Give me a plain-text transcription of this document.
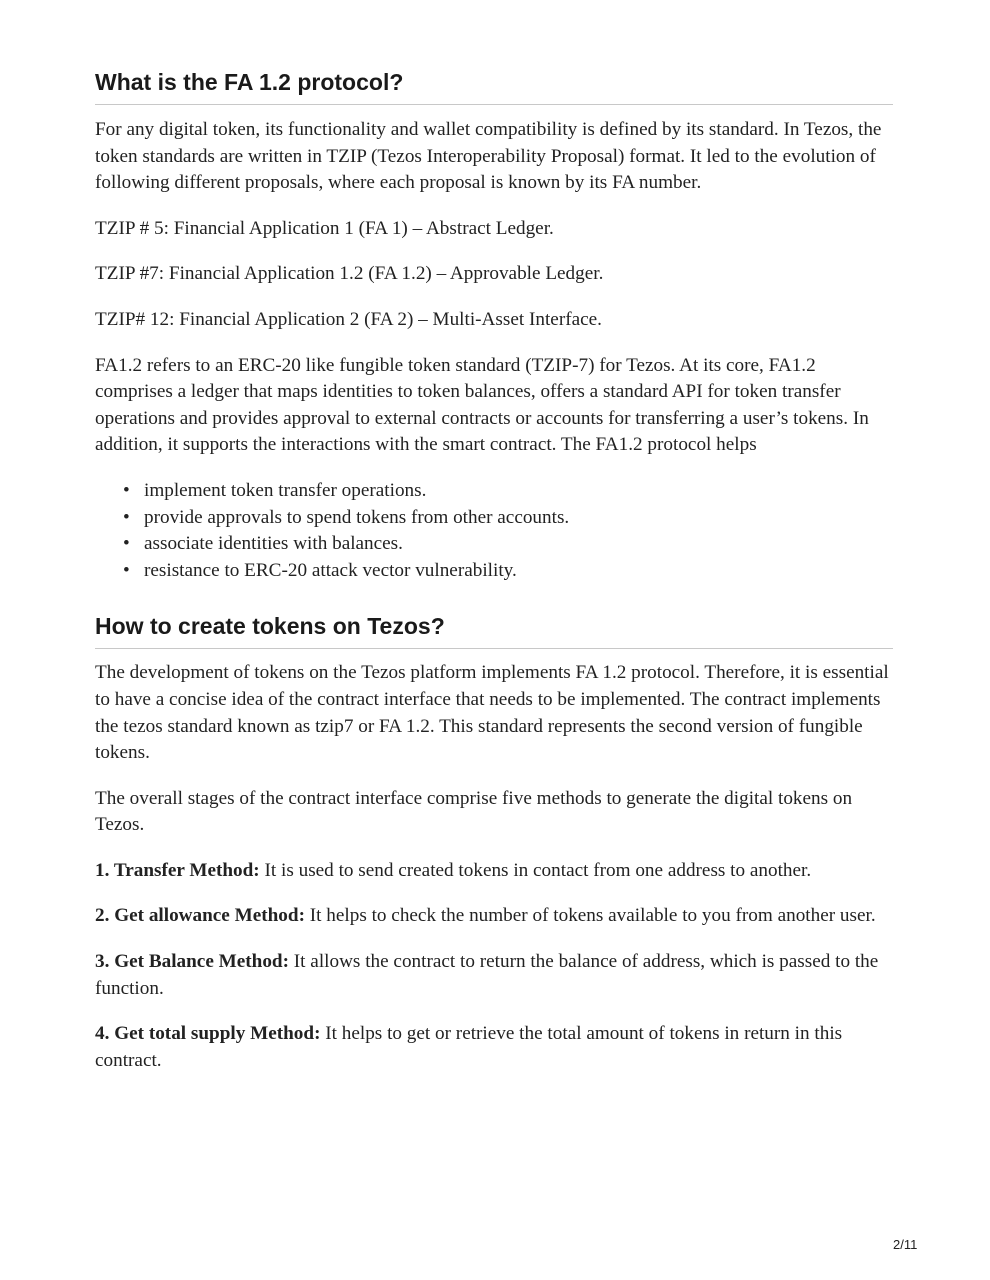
What is the FA 1.2 protocol?

For any digital token, its functionality and wallet compatibility is defined by its standard. In Tezos, the token standards are written in TZIP (Tezos Interoperability Proposal) format. It led to the evolution of following different proposals, where each proposal is known by its FA number.

TZIP # 5: Financial Application 1 (FA 1) – Abstract Ledger.

TZIP #7: Financial Application 1.2 (FA 1.2) – Approvable Ledger.

TZIP# 12: Financial Application 2 (FA 2) – Multi-Asset Interface.

FA1.2 refers to an ERC-20 like fungible token standard (TZIP-7) for Tezos. At its core, FA1.2 comprises a ledger that maps identities to token balances, offers a standard API for token transfer operations and provides approval to external contracts or accounts for transferring a user’s tokens. In addition, it supports the interactions with the smart contract. The FA1.2 protocol helps

• implement token transfer operations.
• provide approvals to spend tokens from other accounts.
• associate identities with balances.
• resistance to ERC-20 attack vector vulnerability.
How to create tokens on Tezos?

The development of tokens on the Tezos platform implements FA 1.2 protocol. Therefore, it is essential to have a concise idea of the contract interface that needs to be implemented. The contract implements the tezos standard known as tzip7 or FA 1.2. This standard represents the second version of fungible tokens.

The overall stages of the contract interface comprise five methods to generate the digital tokens on Tezos.

1. Transfer Method: It is used to send created tokens in contact from one address to another.

2. Get allowance Method: It helps to check the number of tokens available to you from another user.

3. Get Balance Method: It allows the contract to return the balance of address, which is passed to the function.

4. Get total supply Method: It helps to get or retrieve the total amount of tokens in return in this contract.

2/11
